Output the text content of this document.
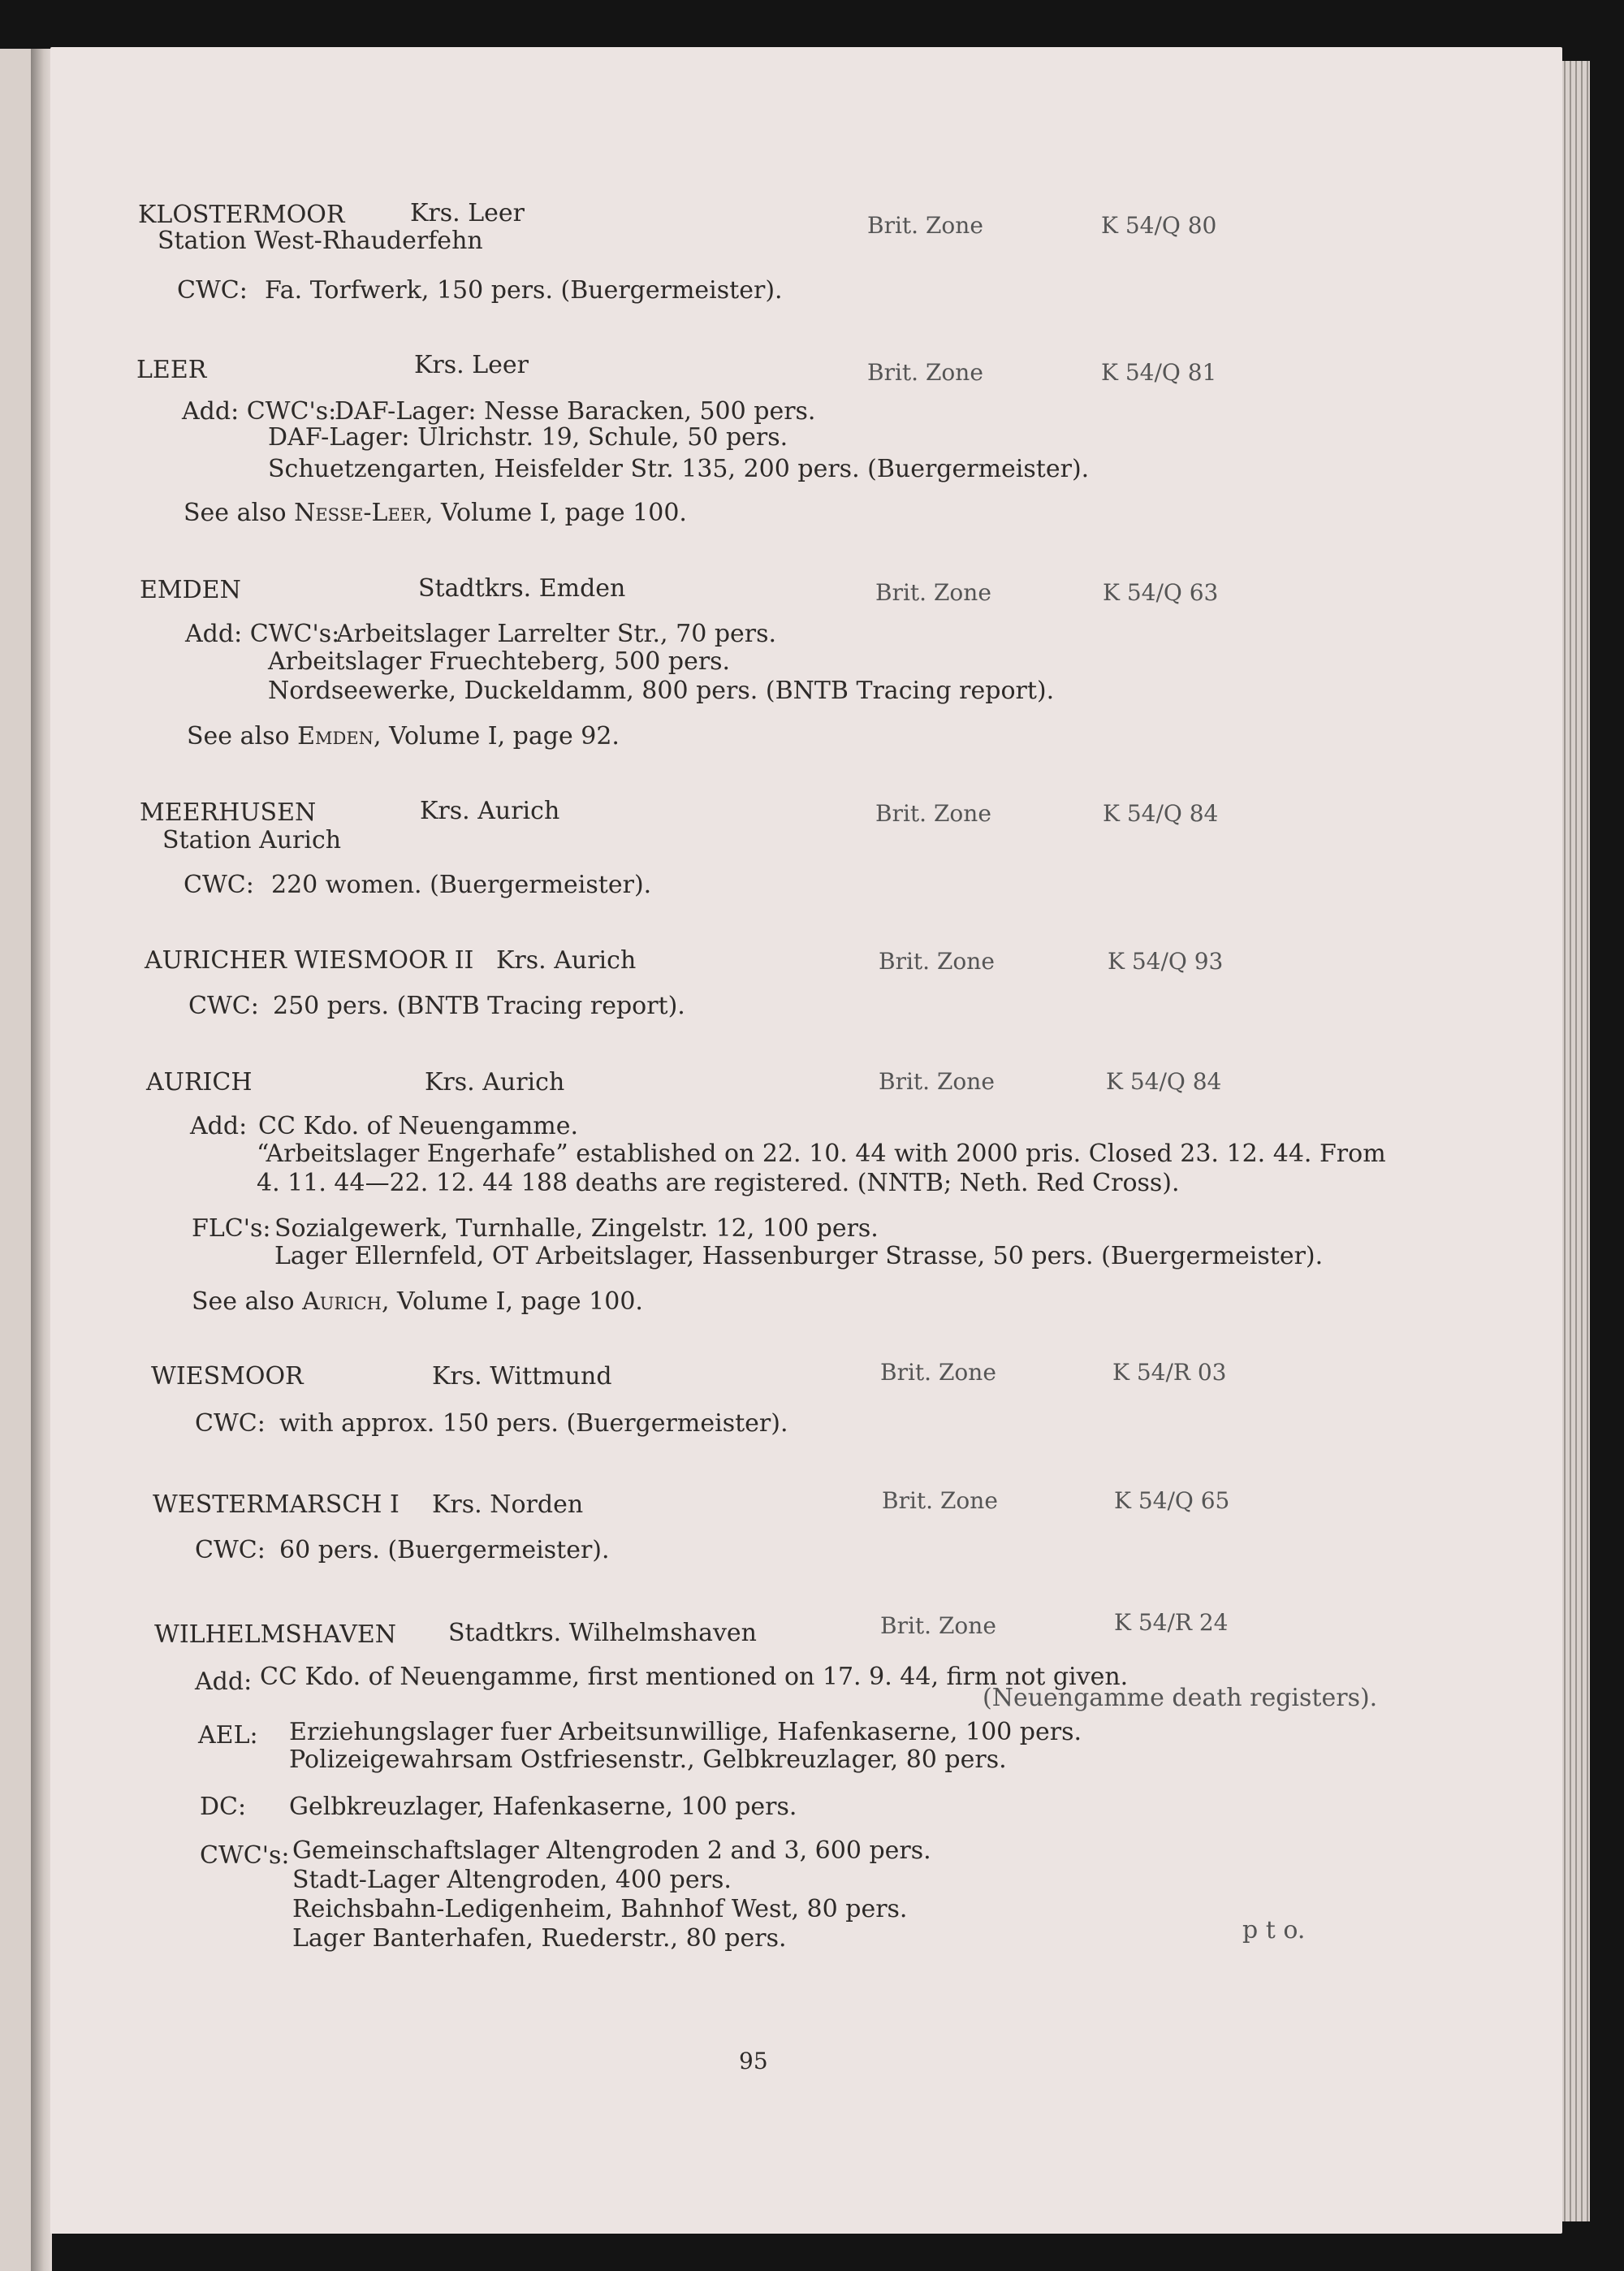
KLOSTERMOOR	Krs. Leer	Brit. Zone	K 54/Q 80
Station West-Rhauderfehn
CWC: Fa. Torfwerk, 150 pers. (Buergermeister).
LEER	Krs. Leer	Brit. Zone	K 54/Q 81
Add: CWC's:
DAF-Lager: Nesse Baracken, 500 pers.
DAF-Lager: Ulrichstr. 19, Schule, 50 pers.
Schuetzengarten, Heisfelder Str. 135, 200 pers. (Buergermeister).
See also Nesse-Leer, Volume I, page 100.
EMDEN	Stadtkrs. Emden	Brit. Zone	K 54/Q 63
Add: CWC's:
Arbeitslager Larrelter Str., 70 pers.
Arbeitslager Fruechteberg, 500 pers.
Nordseewerke, Duckeldamm, 800 pers. (BNTB Tracing report).
See also Emden, Volume I, page 92.
MEERHUSEN	Krs. Aurich	Brit. Zone	K 54/Q 84
Station Aurich
CWC: 220 women. (Buergermeister).
AURICHER WIESMOOR II Krs. Aurich	Brit. Zone	K 54/Q 93
CWC: 250 pers. (BNTB Tracing report).
AURICH	Krs. Aurich	Brit. Zone	K 54/Q 84
Add: CC Kdo. of Neuengamme.
“Arbeitslager Engerhafe” established on 22. 10. 44 with 2000 pris. Closed 23. 12. 44. From
4. 11. 44—22. 12. 44 188 deaths are registered. (NNTB; Neth. Red Cross).
FLC's: Sozialgewerk, Turnhalle, Zingelstr. 12, 100 pers.
Lager Ellernfeld, OT Arbeitslager, Hassenburger Strasse, 50 pers. (Buergermeister).
See also Aurich, Volume I, page 100.
WIESMOOR	Krs. Wittmund	Brit. Zone	K 54/R 03
CWC: with approx. 150 pers. (Buergermeister).
WESTERMARSCH I Krs. Norden	Brit. Zone	K 54/Q 65
CWC: 60 pers. (Buergermeister).
WILHELMSHAVEN Stadtkrs. Wilhelmshaven	Brit. Zone	K 54/R 24
Add: CC Kdo. of Neuengamme, first mentioned on 17. 9. 44, firm not given.
(Neuengamme death registers).
AEL: Erziehungslager fuer Arbeitsunwillige, Hafenkaserne, 100 pers.
Polizeigewahrsam Ostfriesenstr., Gelbkreuzlager, 80 pers.
DC: Gelbkreuzlager, Hafenkaserne, 100 pers.
CWC's: Gemeinschaftslager Altengroden 2 and 3, 600 pers.
Stadt-Lager Altengroden, 400 pers.
Reichsbahn-Ledigenheim, Bahnhof West, 80 pers.
Lager Banterhafen, Ruederstr., 80 pers.	p t o.
95
